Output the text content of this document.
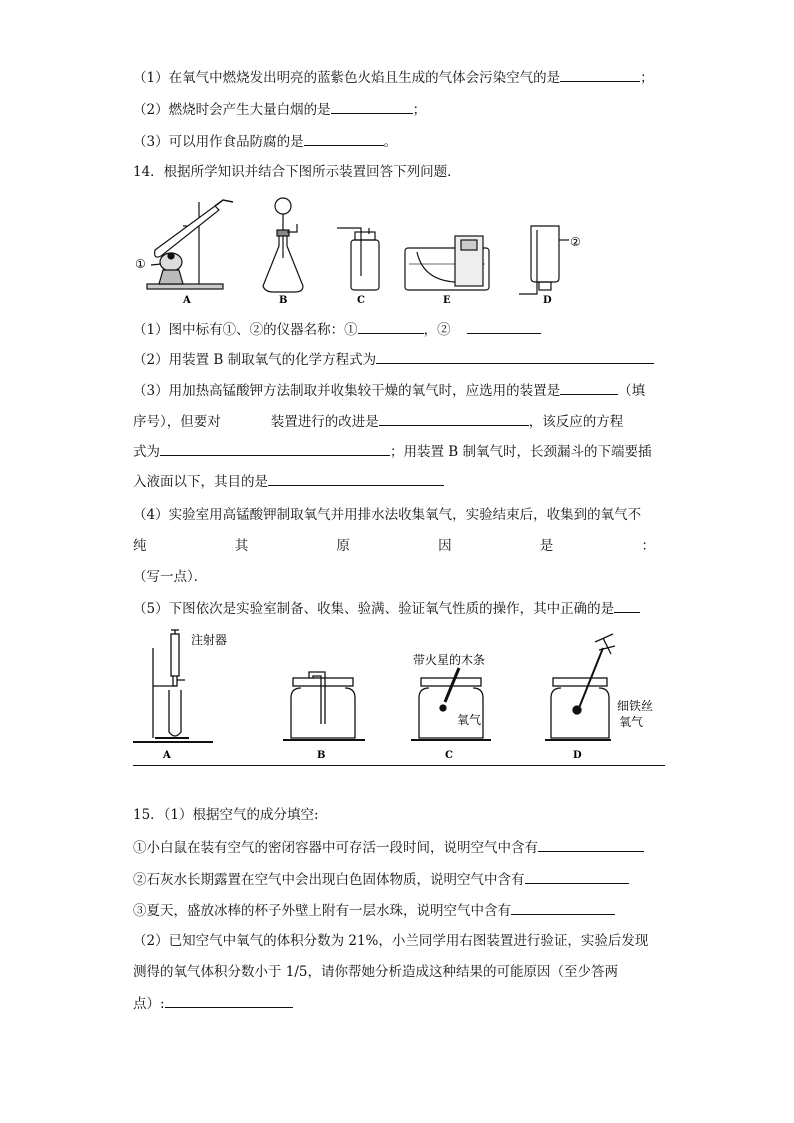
（1）在氧气中燃烧发出明亮的蓝紫色火焰且生成的气体会污染空气的是	；
（2）燃烧时会产生大量白烟的是	；
（3）可以用作食品防腐的是	。
14．根据所学知识并结合下图所示装置回答下列问题．
①
A	B	C	E
②
D
（1）图中标有①、②的仪器名称：①	，②
（2）用装置 B 制取氧气的化学方程式为
（3）用加热高锰酸钾方法制取并收集较干燥的氧气时，应选用的装置是	（填
序号），但要对	装置进行的改进是	，该反应的方程
式为	；用装置 B 制氧气时，长颈漏斗的下端要插
入液面以下，其目的是
（4）实验室用高锰酸钾制取氧气并用排水法收集氧气，实验结束后，收集到的氧气不
纯	其	原	因	是	：
（写一点）．
（5）下图依次是实验室制备、收集、验满、验证氧气性质的操作，其中正确的是
注射器
A	B
带火星的木条
氧气
C
细铁丝
氧气
D
15．（1）根据空气的成分填空:
①小白鼠在装有空气的密闭容器中可存活一段时间，说明空气中含有
②石灰水长期露置在空气中会出现白色固体物质，说明空气中含有
③夏天，盛放冰棒的杯子外壁上附有一层水珠，说明空气中含有
（2）已知空气中氧气的体积分数为 21%，小兰同学用右图装置进行验证，实验后发现
测得的氧气体积分数小于 1/5，请你帮她分析造成这种结果的可能原因（至少答两
点）:
